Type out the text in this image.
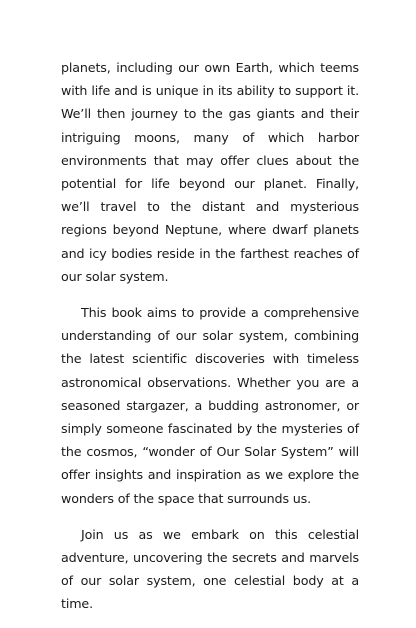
planets, including our own Earth, which teems with life and is unique in its ability to support it. We’ll then journey to the gas giants and their intriguing moons, many of which harbor environments that may offer clues about the potential for life beyond our planet. Finally, we’ll travel to the distant and mysterious regions beyond Neptune, where dwarf planets and icy bodies reside in the farthest reaches of our solar system.

This book aims to provide a comprehensive understanding of our solar system, combining the latest scientific discoveries with timeless astronomical observations. Whether you are a seasoned stargazer, a budding astronomer, or simply someone fascinated by the mysteries of the cosmos, “wonder of Our Solar System” will offer insights and inspiration as we explore the wonders of the space that surrounds us.

Join us as we embark on this celestial adventure, uncovering the secrets and marvels of our solar system, one celestial body at a time.
